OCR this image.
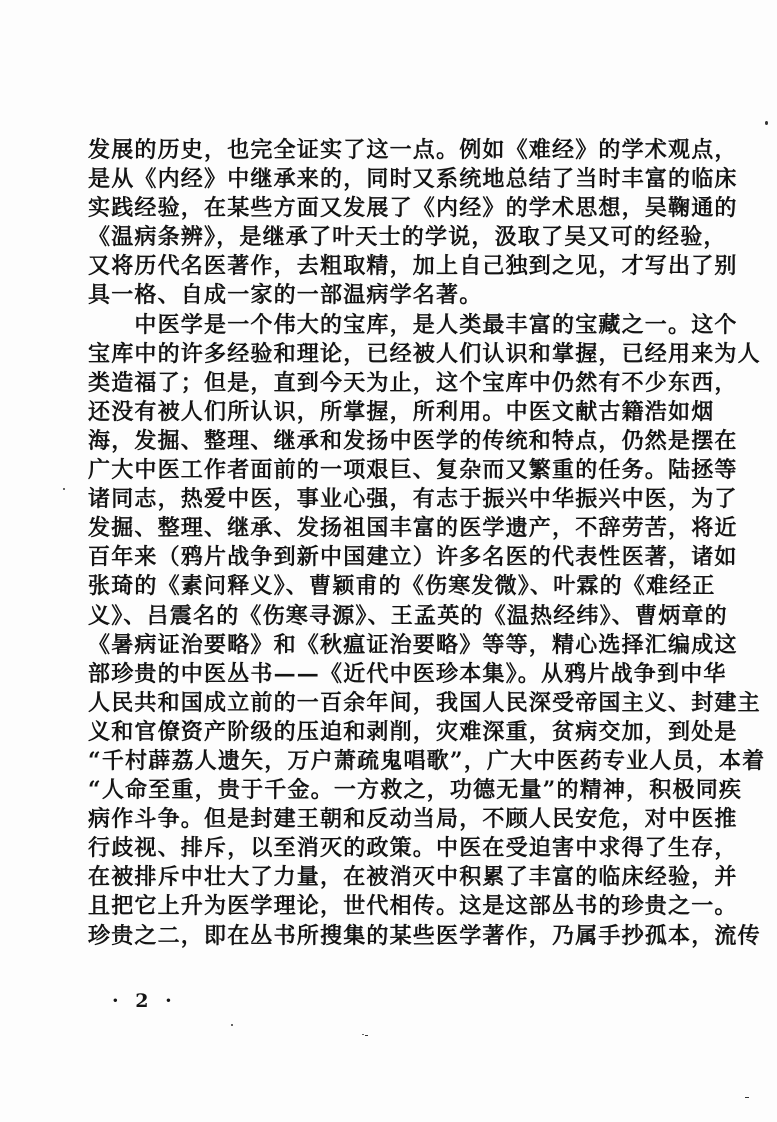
发展的历史，也完全证实了这一点。例如《难经》的学术观点，
是从《内经》中继承来的，同时又系统地总结了当时丰富的临床
实践经验，在某些方面又发展了《内经》的学术思想，吴鞠通的
《温病条辨》，是继承了叶天士的学说，汲取了吴又可的经验，
又将历代名医著作，去粗取精，加上自己独到之见，才写出了别
具一格、自成一家的一部温病学名著。
　　中医学是一个伟大的宝库，是人类最丰富的宝藏之一。这个
宝库中的许多经验和理论，已经被人们认识和掌握，已经用来为人
类造福了；但是，直到今天为止，这个宝库中仍然有不少东西，
还没有被人们所认识，所掌握，所利用。中医文献古籍浩如烟
海，发掘、整理、继承和发扬中医学的传统和特点，仍然是摆在
广大中医工作者面前的一项艰巨、复杂而又繁重的任务。陆拯等
诸同志，热爱中医，事业心强，有志于振兴中华振兴中医，为了
发掘、整理、继承、发扬祖国丰富的医学遗产，不辞劳苦，将近
百年来（鸦片战争到新中国建立）许多名医的代表性医著，诸如
张琦的《素问释义》、曹颖甫的《伤寒发微》、叶霖的《难经正
义》、吕震名的《伤寒寻源》、王孟英的《温热经纬》、曹炳章的
《暑病证治要略》和《秋瘟证治要略》等等，精心选择汇编成这
部珍贵的中医丛书——《近代中医珍本集》。从鸦片战争到中华
人民共和国成立前的一百余年间，我国人民深受帝国主义、封建主
义和官僚资产阶级的压迫和剥削，灾难深重，贫病交加，到处是
“千村薜荔人遗矢，万户萧疏鬼唱歌”，广大中医药专业人员，本着
“人命至重，贵于千金。一方救之，功德无量”的精神，积极同疾
病作斗争。但是封建王朝和反动当局，不顾人民安危，对中医推
行歧视、排斥，以至消灭的政策。中医在受迫害中求得了生存，
在被排斥中壮大了力量，在被消灭中积累了丰富的临床经验，并
且把它上升为医学理论，世代相传。这是这部丛书的珍贵之一。
珍贵之二，即在丛书所搜集的某些医学著作，乃属手抄孤本，流传
· 2 ·
